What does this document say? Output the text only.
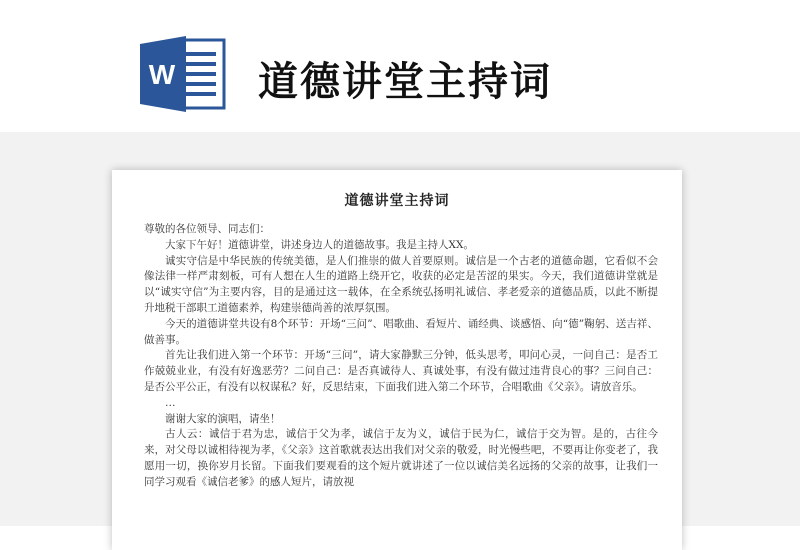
W 道德讲堂主持词
道德讲堂主持词

尊敬的各位领导、同志们：

大家下午好！道德讲堂，讲述身边人的道德故事。我是主持人XX。

诚实守信是中华民族的传统美德，是人们推崇的做人首要原则。诚信是一个古老的道德命题，它看似不会像法律一样严肃刻板，可有人想在人生的道路上绕开它，收获的必定是苦涩的果实。今天，我们道德讲堂就是以“诚实守信”为主要内容，目的是通过这一载体，在全系统弘扬明礼诚信、孝老爱亲的道德品质，以此不断提升地税干部职工道德素养，构建崇德尚善的浓厚氛围。

今天的道德讲堂共设有8个环节：开场“三问”、唱歌曲、看短片、诵经典、谈感悟、向“德”鞠躬、送吉祥、做善事。

首先让我们进入第一个环节：开场“三问”，请大家静默三分钟，低头思考，叩问心灵，一问自己：是否工作兢兢业业，有没有好逸恶劳？二问自己：是否真诚待人、真诚处事，有没有做过违背良心的事？三问自己：是否公平公正，有没有以权谋私？好，反思结束，下面我们进入第二个环节，合唱歌曲《父亲》。请放音乐。

…

谢谢大家的演唱，请坐！

古人云：诚信于君为忠，诚信于父为孝，诚信于友为义，诚信于民为仁，诚信于交为智。是的，古往今来，对父母以诚相待视为孝，《父亲》这首歌就表达出我们对父亲的敬爱，时光慢些吧，不要再让你变老了，我愿用一切，换你岁月长留。下面我们要观看的这个短片就讲述了一位以诚信美名远扬的父亲的故事，让我们一同学习观看《诚信老爹》的感人短片，请放视
